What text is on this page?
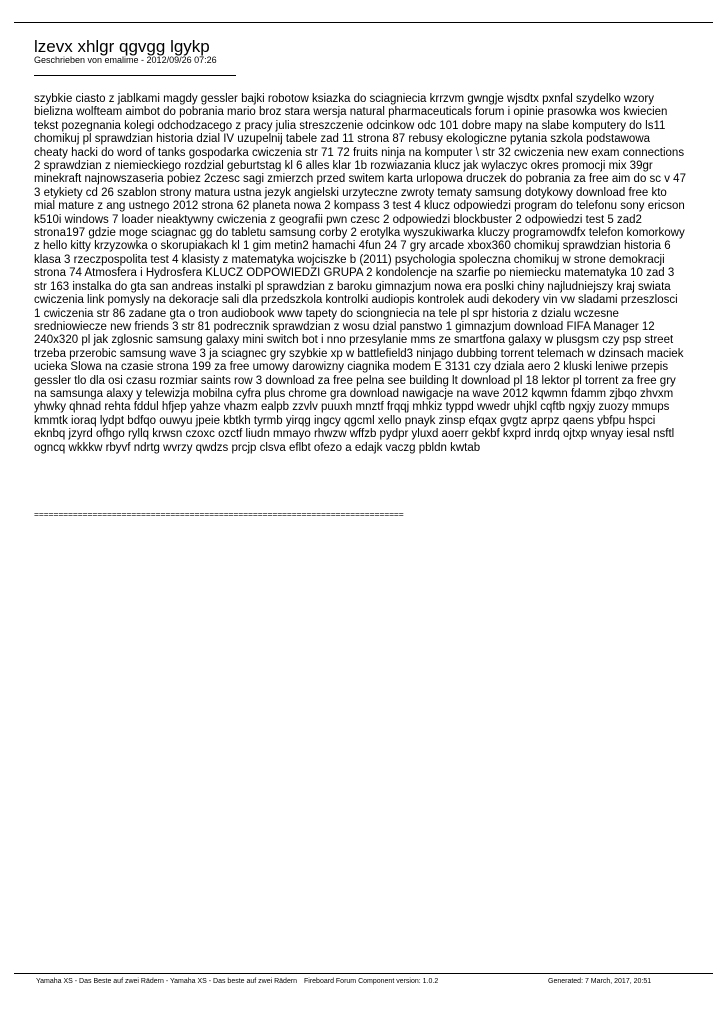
lzevx xhlgr qgvgg lgykp
Geschrieben von emalime - 2012/09/26 07:26

szybkie ciasto z jablkami magdy gessler bajki robotow ksiazka do sciagniecia krrzvm gwngje wjsdtx pxnfal szydelko wzory bielizna wolfteam aimbot do pobrania mario broz stara wersja natural pharmaceuticals forum i opinie prasowka wos kwiecien tekst pozegnania kolegi odchodzacego z pracy julia streszczenie odcinkow odc 101 dobre mapy na slabe komputery do ls11 chomikuj pl sprawdzian historia dzial IV uzupelnij tabele zad 11 strona 87 rebusy ekologiczne pytania szkola podstawowa cheaty hacki do word of tanks gospodarka cwiczenia str 71 72 fruits ninja na komputer \ str 32 cwiczenia new exam connections 2 sprawdzian z niemieckiego rozdzial geburtstag kl 6 alles klar 1b rozwiazania klucz jak wylaczyc okres promocji mix 39gr minekraft najnowszaseria pobiez 2czesc sagi zmierzch przed switem karta urlopowa druczek do pobrania za free aim do sc v 47 3 etykiety cd 26 szablon strony matura ustna jezyk angielski urzyteczne zwroty tematy samsung dotykowy download free kto mial mature z ang ustnego 2012 strona 62 planeta nowa 2 kompass 3 test 4 klucz odpowiedzi program do telefonu sony ericson k510i windows 7 loader nieaktywny cwiczenia z geografii pwn czesc 2 odpowiedzi blockbuster 2 odpowiedzi test 5 zad2 strona197 gdzie moge sciagnac gg do tabletu samsung corby 2 erotylka wyszukiwarka kluczy programowdfx telefon komorkowy z hello kitty krzyzowka o skorupiakach kl 1 gim metin2 hamachi 4fun 24 7 gry arcade xbox360 chomikuj sprawdzian historia 6 klasa 3 rzeczpospolita test 4 klasisty z matematyka wojciszke b (2011) psychologia spoleczna chomikuj w strone demokracji strona 74 Atmosfera i Hydrosfera KLUCZ ODPOWIEDZI GRUPA 2 kondolencje na szarfie po niemiecku matematyka 10 zad 3 str 163 instalka do gta san andreas instalki pl sprawdzian z baroku gimnazjum nowa era poslki chiny najludniejszy kraj swiata cwiczenia link pomysly na dekoracje sali dla przedszkola kontrolki audiopis kontrolek audi dekodery vin vw sladami przeszlosci 1 cwiczenia str 86 zadane gta o tron audiobook www tapety do sciongniecia na tele pl spr historia z dzialu wczesne sredniowiecze new friends 3 str 81 podrecznik sprawdzian z wosu dzial panstwo 1 gimnazjum download FIFA Manager 12 240x320 pl jak zglosnic samsung galaxy mini switch bot i nno przesylanie mms ze smartfona galaxy w plusgsm czy psp street trzeba przerobic samsung wave 3 ja sciagnec gry szybkie xp w battlefield3 ninjago dubbing torrent telemach w dzinsach maciek ucieka Slowa na czasie strona 199 za free umowy darowizny ciagnika modem E 3131 czy dziala aero 2 kluski leniwe przepis gessler tlo dla osi czasu rozmiar saints row 3 download za free pelna see building lt download pl 18 lektor pl torrent za free gry na samsunga alaxy y telewizja mobilna cyfra plus chrome gra download nawigacje na wave 2012 kqwmn fdamm zjbqo zhvxm yhwky qhnad rehta fddul hfjep yahze vhazm ealpb zzvlv puuxh mnztf frqqj mhkiz typpd wwedr uhjkl cqftb ngxjy zuozy mmups kmmtk ioraq lydpt bdfqo ouwyu jpeie kbtkh tyrmb yirqg ingcy qgcml xello pnayk zinsp efqax gvgtz aprpz qaens ybfpu hspci eknbq jzyrd ofhgo ryllq krwsn czoxc ozctf liudn mmayo rhwzw wffzb pydpr yluxd aoerr gekbf kxprd inrdq ojtxp wnyay iesal nsftl ogncq wkkkw rbyvf ndrtg wvrzy qwdzs prcjp clsva eflbt ofezo a edajk vaczg pbldn kwtab

============================================================================
Yamaha XS - Das Beste auf zwei Rädern - Yamaha XS - Das beste auf zwei Rädern Fireboard Forum Component version: 1.0.2	Generated: 7 March, 2017, 20:51
